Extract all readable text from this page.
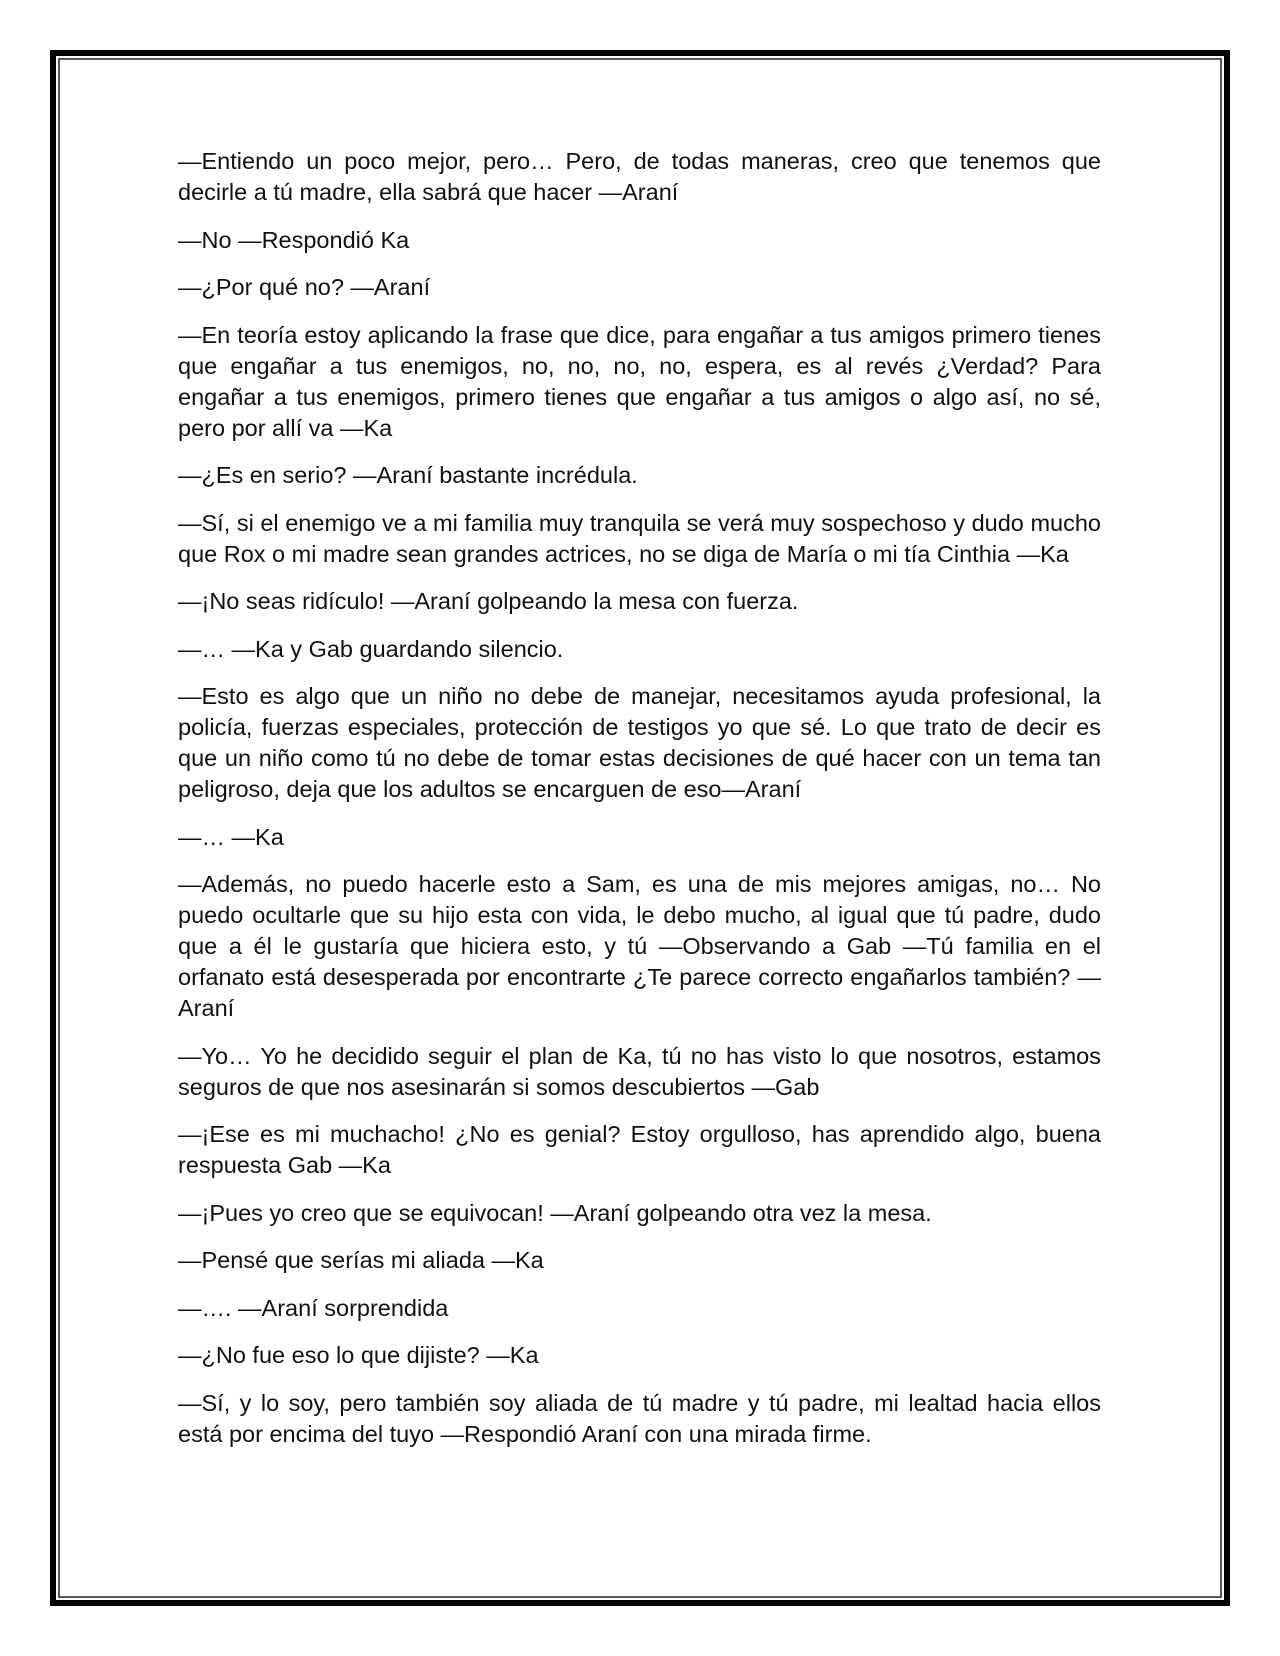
—Entiendo un poco mejor, pero… Pero, de todas maneras, creo que tenemos que decirle a tú madre, ella sabrá que hacer —Araní

—No —Respondió Ka

—¿Por qué no? —Araní

—En teoría estoy aplicando la frase que dice, para engañar a tus amigos primero tienes que engañar a tus enemigos, no, no, no, no, espera, es al revés ¿Verdad? Para engañar a tus enemigos, primero tienes que engañar a tus amigos o algo así, no sé, pero por allí va —Ka

—¿Es en serio? —Araní bastante incrédula.

—Sí, si el enemigo ve a mi familia muy tranquila se verá muy sospechoso y dudo mucho que Rox o mi madre sean grandes actrices, no se diga de María o mi tía Cinthia —Ka

—¡No seas ridículo! —Araní golpeando la mesa con fuerza.

—… —Ka y Gab guardando silencio.

—Esto es algo que un niño no debe de manejar, necesitamos ayuda profesional, la policía, fuerzas especiales, protección de testigos yo que sé. Lo que trato de decir es que un niño como tú no debe de tomar estas decisiones de qué hacer con un tema tan peligroso, deja que los adultos se encarguen de eso—Araní

—… —Ka

—Además, no puedo hacerle esto a Sam, es una de mis mejores amigas, no… No puedo ocultarle que su hijo esta con vida, le debo mucho, al igual que tú padre, dudo que a él le gustaría que hiciera esto, y tú —Observando a Gab —Tú familia en el orfanato está desesperada por encontrarte ¿Te parece correcto engañarlos también? —Araní

—Yo… Yo he decidido seguir el plan de Ka, tú no has visto lo que nosotros, estamos seguros de que nos asesinarán si somos descubiertos —Gab

—¡Ese es mi muchacho! ¿No es genial? Estoy orgulloso, has aprendido algo, buena respuesta Gab —Ka

—¡Pues yo creo que se equivocan! —Araní golpeando otra vez la mesa.

—Pensé que serías mi aliada —Ka

—…. —Araní sorprendida

—¿No fue eso lo que dijiste? —Ka

—Sí, y lo soy, pero también soy aliada de tú madre y tú padre, mi lealtad hacia ellos está por encima del tuyo —Respondió Araní con una mirada firme.
